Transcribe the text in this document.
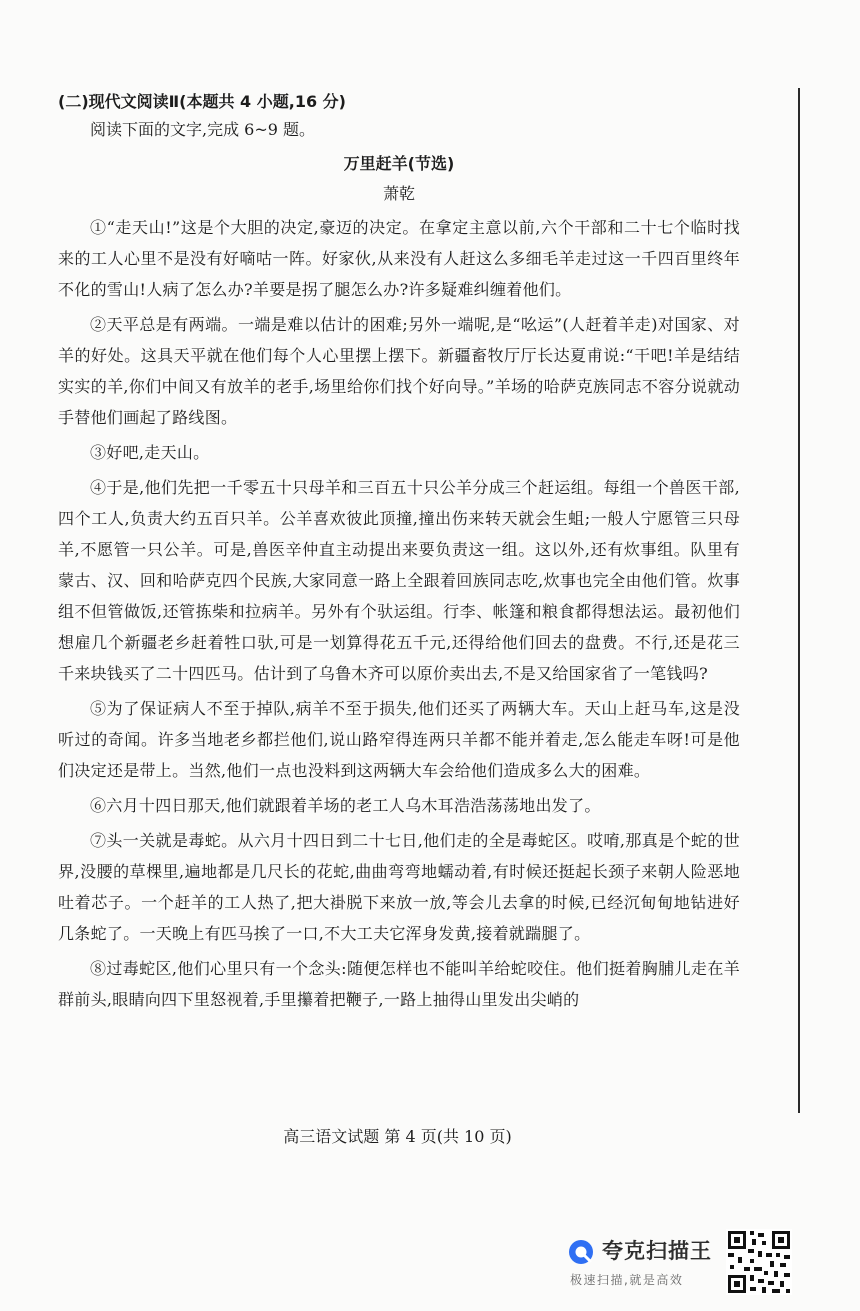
(二)现代文阅读Ⅱ(本题共 4 小题,16 分)
阅读下面的文字,完成 6~9 题。
万里赶羊(节选)
萧乾

①“走天山!”这是个大胆的决定,豪迈的决定。在拿定主意以前,六个干部和二十七个临时找来的工人心里不是没有好嘀咕一阵。好家伙,从来没有人赶这么多细毛羊走过这一千四百里终年不化的雪山!人病了怎么办?羊要是拐了腿怎么办?许多疑难纠缠着他们。

②天平总是有两端。一端是难以估计的困难;另外一端呢,是“吆运”(人赶着羊走)对国家、对羊的好处。这具天平就在他们每个人心里摆上摆下。新疆畜牧厅厅长达夏甫说:“干吧!羊是结结实实的羊,你们中间又有放羊的老手,场里给你们找个好向导。”羊场的哈萨克族同志不容分说就动手替他们画起了路线图。

③好吧,走天山。

④于是,他们先把一千零五十只母羊和三百五十只公羊分成三个赶运组。每组一个兽医干部,四个工人,负责大约五百只羊。公羊喜欢彼此顶撞,撞出伤来转天就会生蛆;一般人宁愿管三只母羊,不愿管一只公羊。可是,兽医辛仲直主动提出来要负责这一组。这以外,还有炊事组。队里有蒙古、汉、回和哈萨克四个民族,大家同意一路上全跟着回族同志吃,炊事也完全由他们管。炊事组不但管做饭,还管拣柴和拉病羊。另外有个驮运组。行李、帐篷和粮食都得想法运。最初他们想雇几个新疆老乡赶着牲口驮,可是一划算得花五千元,还得给他们回去的盘费。不行,还是花三千来块钱买了二十四匹马。估计到了乌鲁木齐可以原价卖出去,不是又给国家省了一笔钱吗?

⑤为了保证病人不至于掉队,病羊不至于损失,他们还买了两辆大车。天山上赶马车,这是没听过的奇闻。许多当地老乡都拦他们,说山路窄得连两只羊都不能并着走,怎么能走车呀!可是他们决定还是带上。当然,他们一点也没料到这两辆大车会给他们造成多么大的困难。

⑥六月十四日那天,他们就跟着羊场的老工人乌木耳浩浩荡荡地出发了。

⑦头一关就是毒蛇。从六月十四日到二十七日,他们走的全是毒蛇区。哎唷,那真是个蛇的世界,没腰的草棵里,遍地都是几尺长的花蛇,曲曲弯弯地蠕动着,有时候还挺起长颈子来朝人险恶地吐着芯子。一个赶羊的工人热了,把大褂脱下来放一放,等会儿去拿的时候,已经沉甸甸地钻进好几条蛇了。一天晚上有匹马挨了一口,不大工夫它浑身发黄,接着就踹腿了。

⑧过毒蛇区,他们心里只有一个念头:随便怎样也不能叫羊给蛇咬住。他们挺着胸脯儿走在羊群前头,眼睛向四下里怒视着,手里攥着把鞭子,一路上抽得山里发出尖峭的

高三语文试题 第 4 页(共 10 页)
夸克扫描王
极速扫描,就是高效
